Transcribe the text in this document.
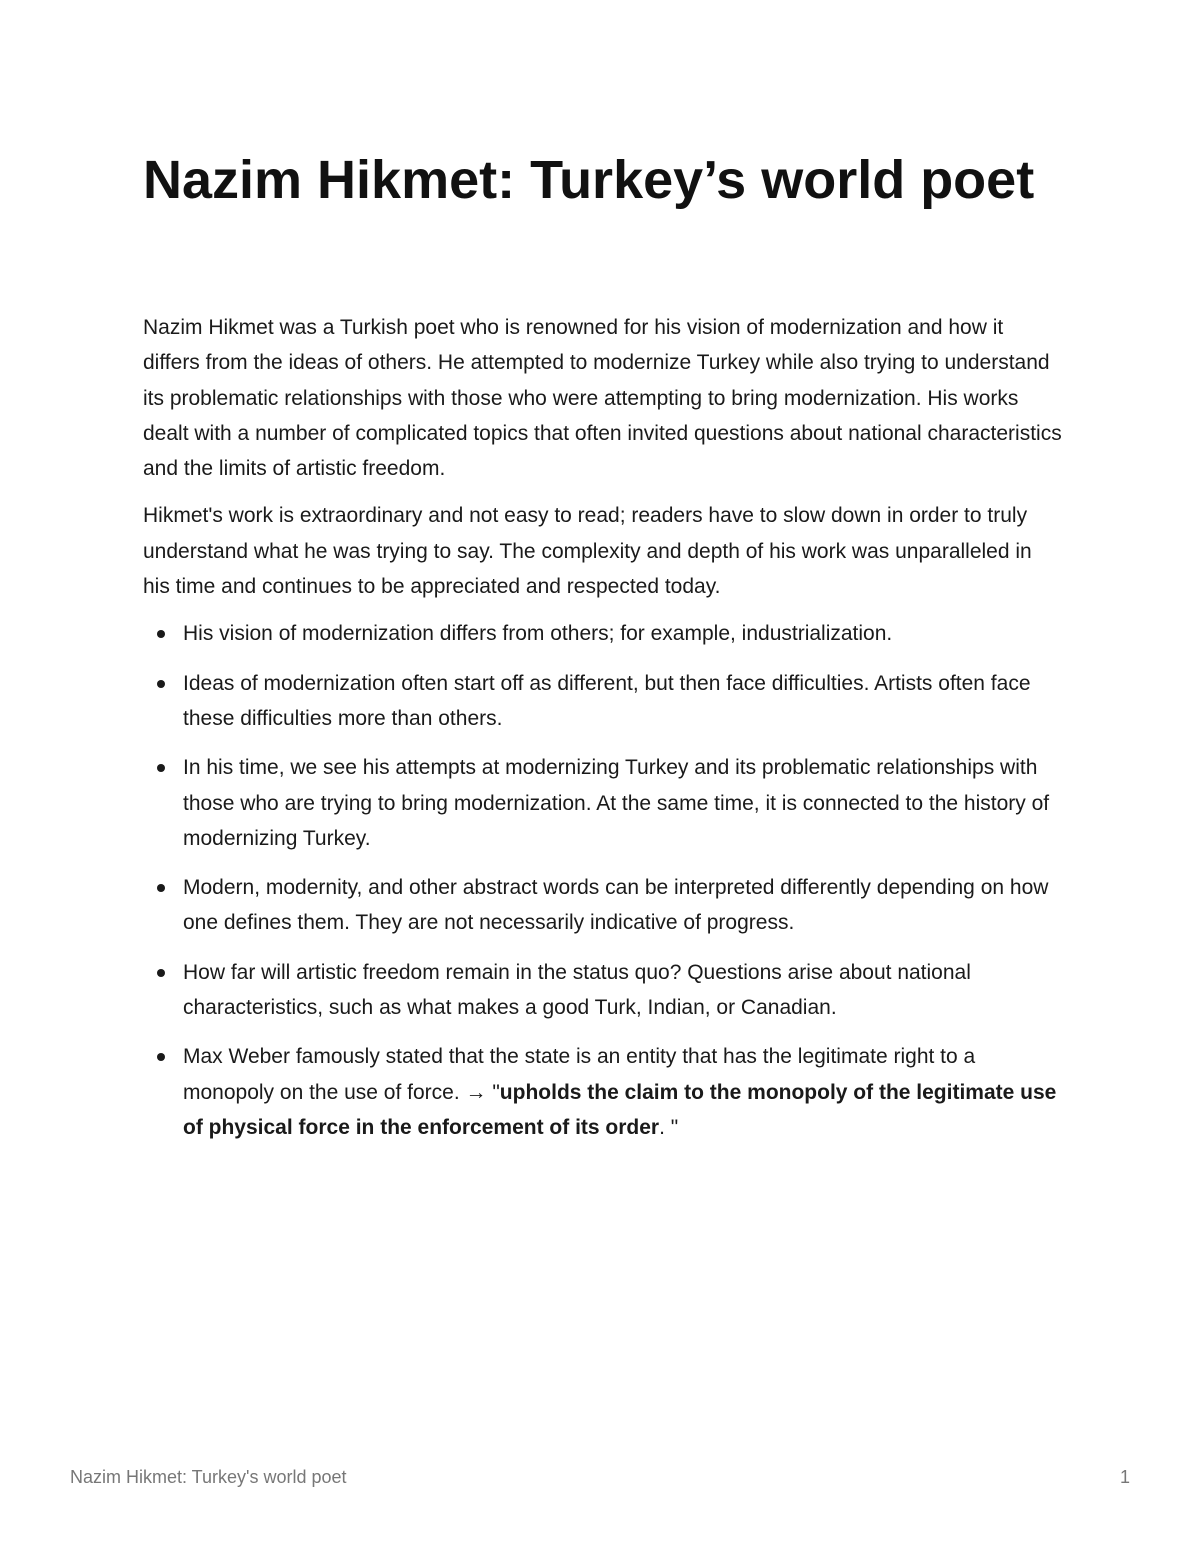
Nazim Hikmet: Turkey’s world poet

Nazim Hikmet was a Turkish poet who is renowned for his vision of modernization and how it differs from the ideas of others. He attempted to modernize Turkey while also trying to understand its problematic relationships with those who were attempting to bring modernization. His works dealt with a number of complicated topics that often invited questions about national characteristics and the limits of artistic freedom.

Hikmet's work is extraordinary and not easy to read; readers have to slow down in order to truly understand what he was trying to say. The complexity and depth of his work was unparalleled in his time and continues to be appreciated and respected today.

His vision of modernization differs from others; for example, industrialization.
Ideas of modernization often start off as different, but then face difficulties. Artists often face these difficulties more than others.
In his time, we see his attempts at modernizing Turkey and its problematic relationships with those who are trying to bring modernization. At the same time, it is connected to the history of modernizing Turkey.
Modern, modernity, and other abstract words can be interpreted differently depending on how one defines them. They are not necessarily indicative of progress.
How far will artistic freedom remain in the status quo? Questions arise about national characteristics, such as what makes a good Turk, Indian, or Canadian.
Max Weber famously stated that the state is an entity that has the legitimate right to a monopoly on the use of force. → "upholds the claim to the monopoly of the legitimate use of physical force in the enforcement of its order. "
Nazim Hikmet: Turkey's world poet	1
